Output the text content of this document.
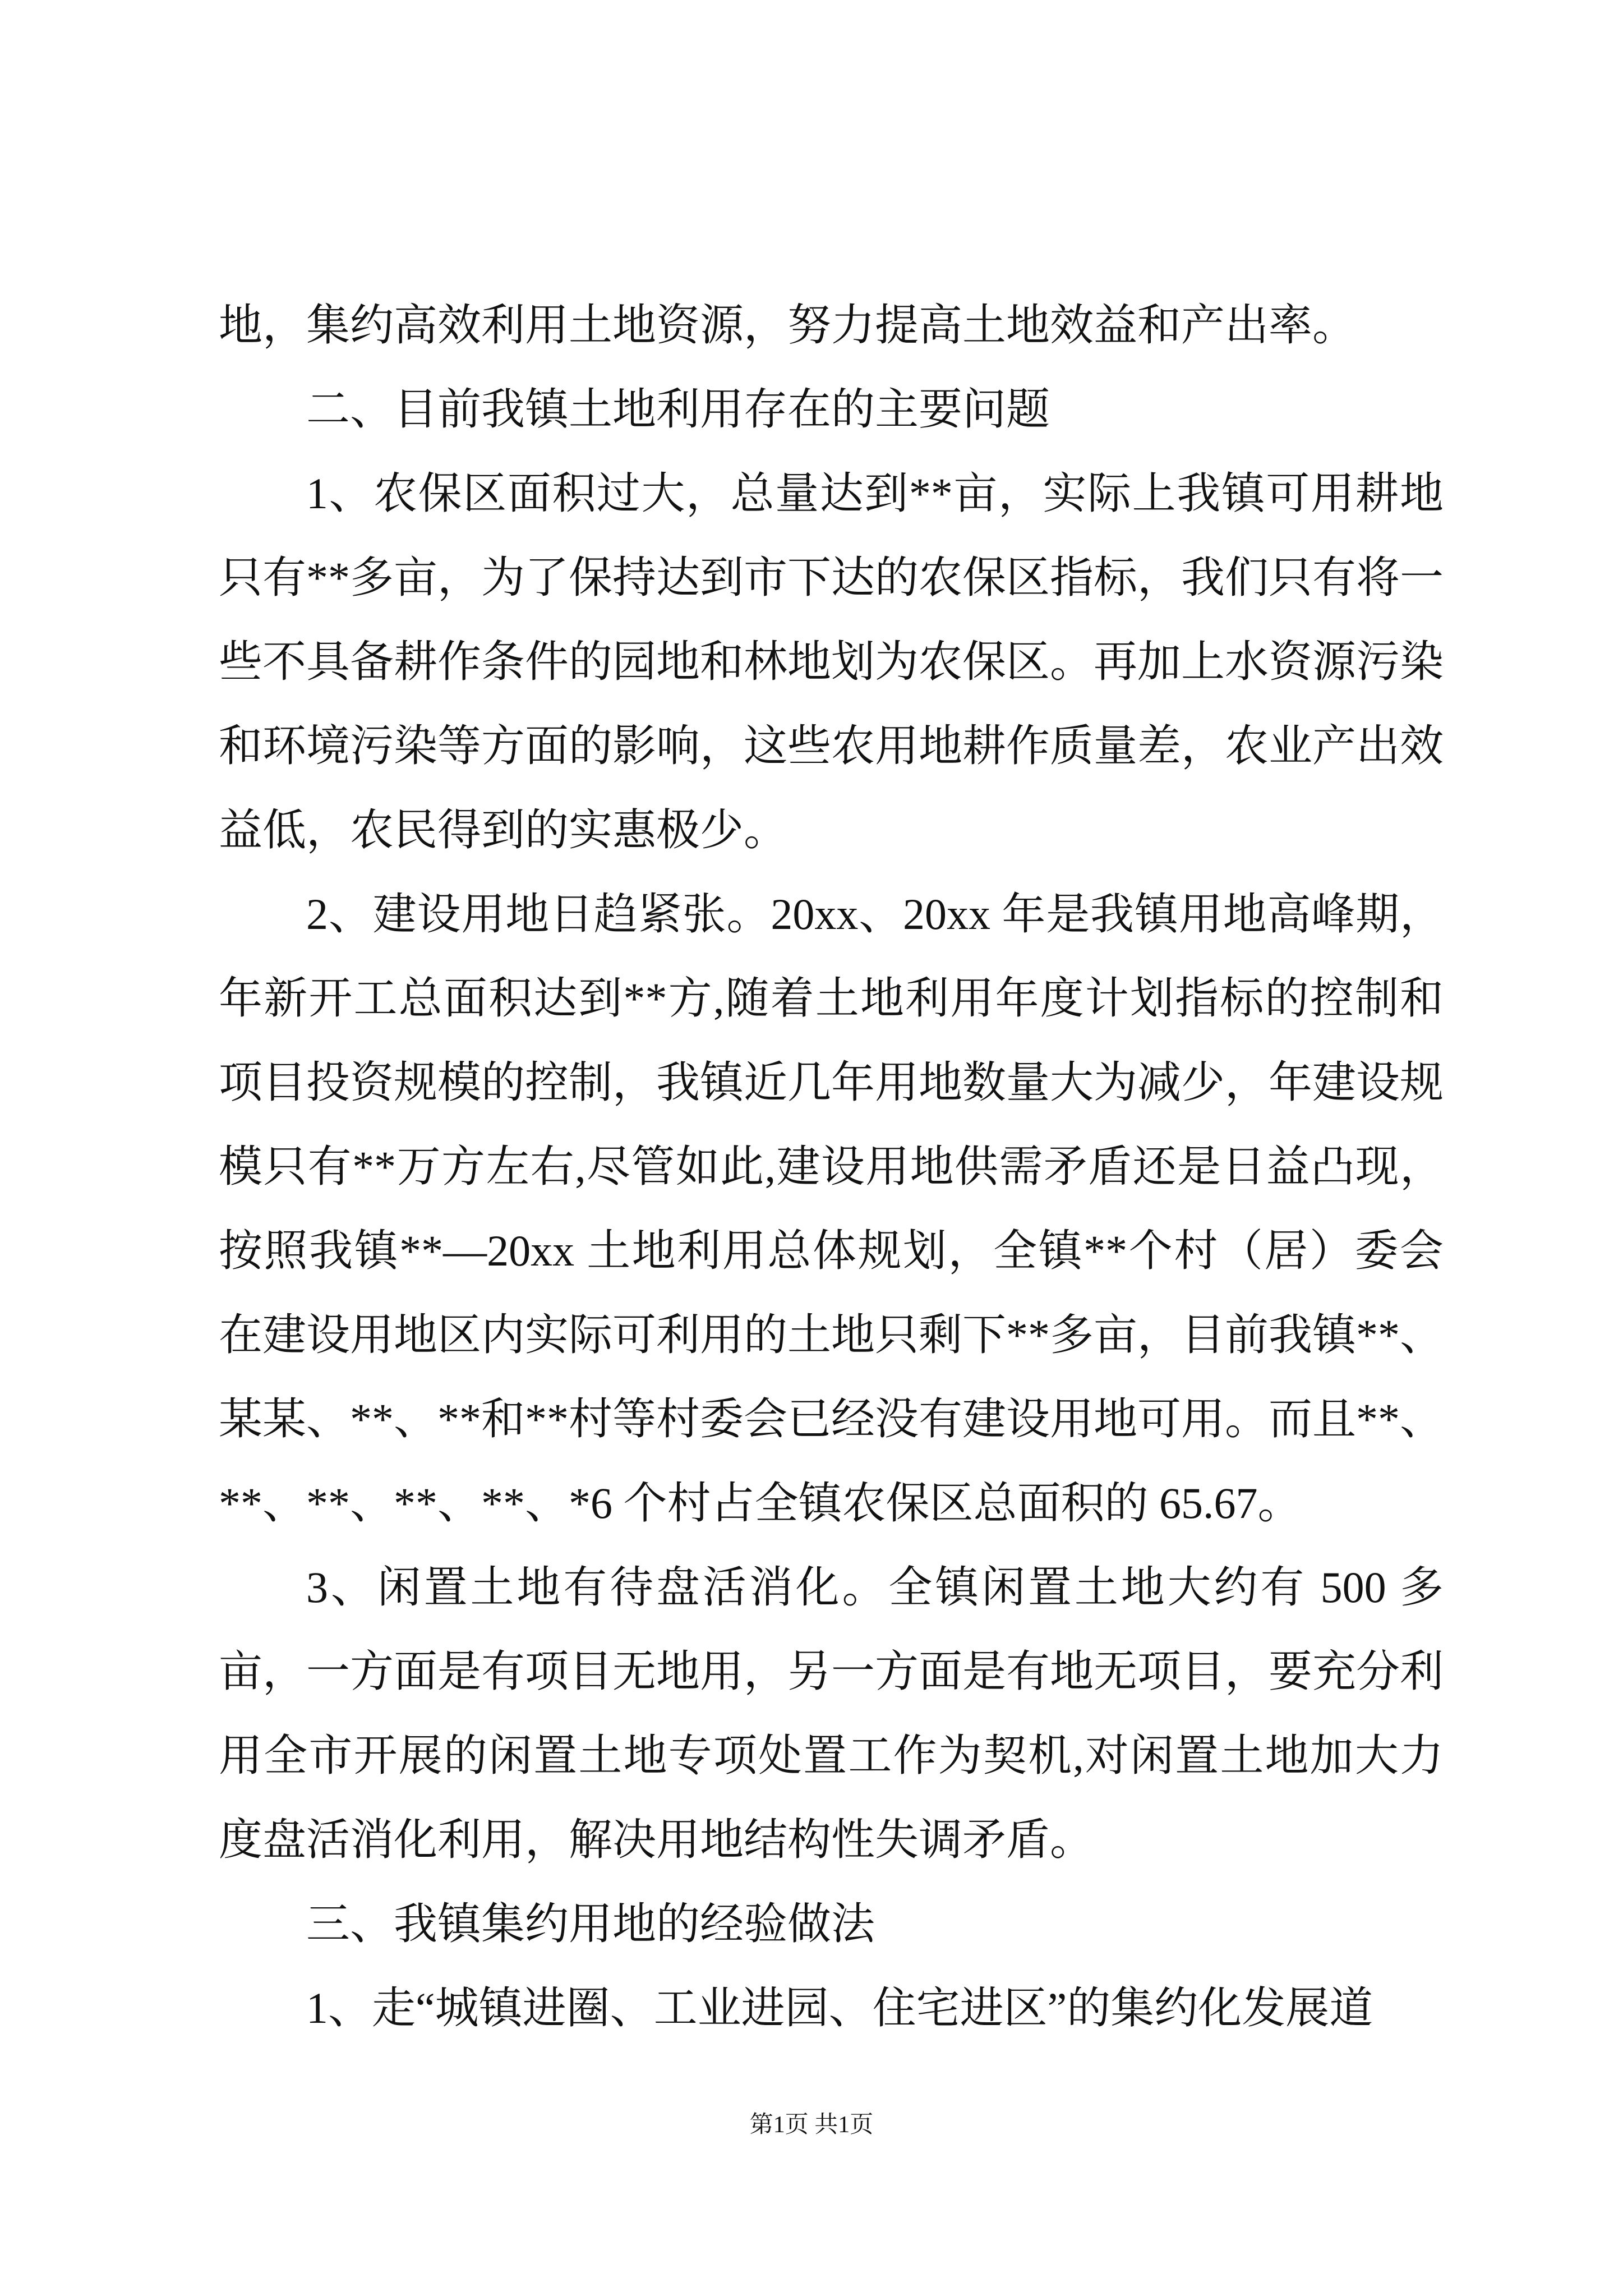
地，集约高效利用土地资源，努力提高土地效益和产出率。

二、目前我镇土地利用存在的主要问题

1、农保区面积过大，总量达到**亩，实际上我镇可用耕地只有**多亩，为了保持达到市下达的农保区指标，我们只有将一些不具备耕作条件的园地和林地划为农保区。再加上水资源污染和环境污染等方面的影响，这些农用地耕作质量差，农业产出效益低，农民得到的实惠极少。

2、建设用地日趋紧张。20xx、20xx 年是我镇用地高峰期，年新开工总面积达到**方,随着土地利用年度计划指标的控制和项目投资规模的控制，我镇近几年用地数量大为减少，年建设规模只有**万方左右,尽管如此,建设用地供需矛盾还是日益凸现，按照我镇**—20xx 土地利用总体规划，全镇**个村（居）委会在建设用地区内实际可利用的土地只剩下**多亩，目前我镇**、某某、**、**和**村等村委会已经没有建设用地可用。而且**、**、**、**、**、*6 个村占全镇农保区总面积的 65.67。

3、闲置土地有待盘活消化。全镇闲置土地大约有 500 多亩，一方面是有项目无地用，另一方面是有地无项目，要充分利用全市开展的闲置土地专项处置工作为契机,对闲置土地加大力度盘活消化利用，解决用地结构性失调矛盾。

三、我镇集约用地的经验做法

1、走“城镇进圈、工业进园、住宅进区”的集约化发展道

第1页 共1页
